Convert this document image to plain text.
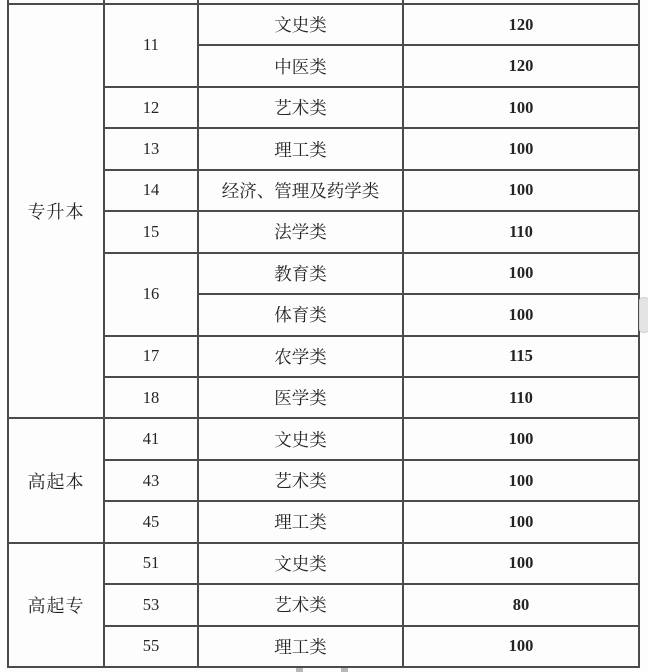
专升本	11	文史类	120
		中医类	120
	12	艺术类	100
	13	理工类	100
	14	经济、管理及药学类	100
	15	法学类	110
	16	教育类	100
		体育类	100
	17	农学类	115
	18	医学类	110
高起本	41	文史类	100
	43	艺术类	100
	45	理工类	100
高起专	51	文史类	100
	53	艺术类	80
	55	理工类	100
